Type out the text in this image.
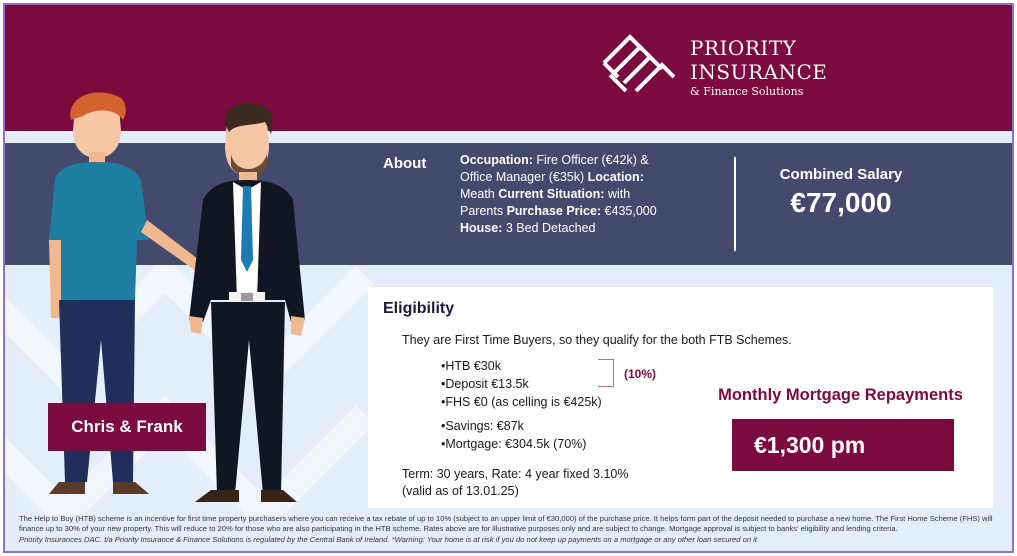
PRIORITY
INSURANCE
& Finance Solutions
About	Occupation: Fire Officer (€42k) & Office Manager (€35k) Location: Meath Current Situation: with Parents Purchase Price: €435,000 House: 3 Bed Detached
Combined Salary
€77,000
Chris & Frank
Eligibility
They are First Time Buyers, so they qualify for the both FTB Schemes.
•HTB €30k
•Deposit €13.5k
•FHS €0 (as celling is €425k)
•Savings: €87k
•Mortgage: €304.5k (70%)
(10%)
Term: 30 years, Rate: 4 year fixed 3.10%
(valid as of 13.01.25)
Monthly Mortgage Repayments
€1,300 pm
The Help to Buy (HTB) scheme is an incentive for first time property purchasers where you can receive a tax rebate of up to 10% (subject to an upper limit of €30,000) of the purchase price. It helps form part of the deposit needed to purchase a new home. The First Home Scheme (FHS) will finance up to 30% of your new property. This will reduce to 20% for those who are also participating in the HTB scheme. Rates above are for illustrative purposes only and are subject to change. Mortgage approval is subject to banks' eligibility and lending criteria.
Priority Insurances DAC. t/a Priority Insurance & Finance Solutions is regulated by the Central Bank of Ireland. *Warning: Your home is at risk if you do not keep up payments on a mortgage or any other loan secured on it
